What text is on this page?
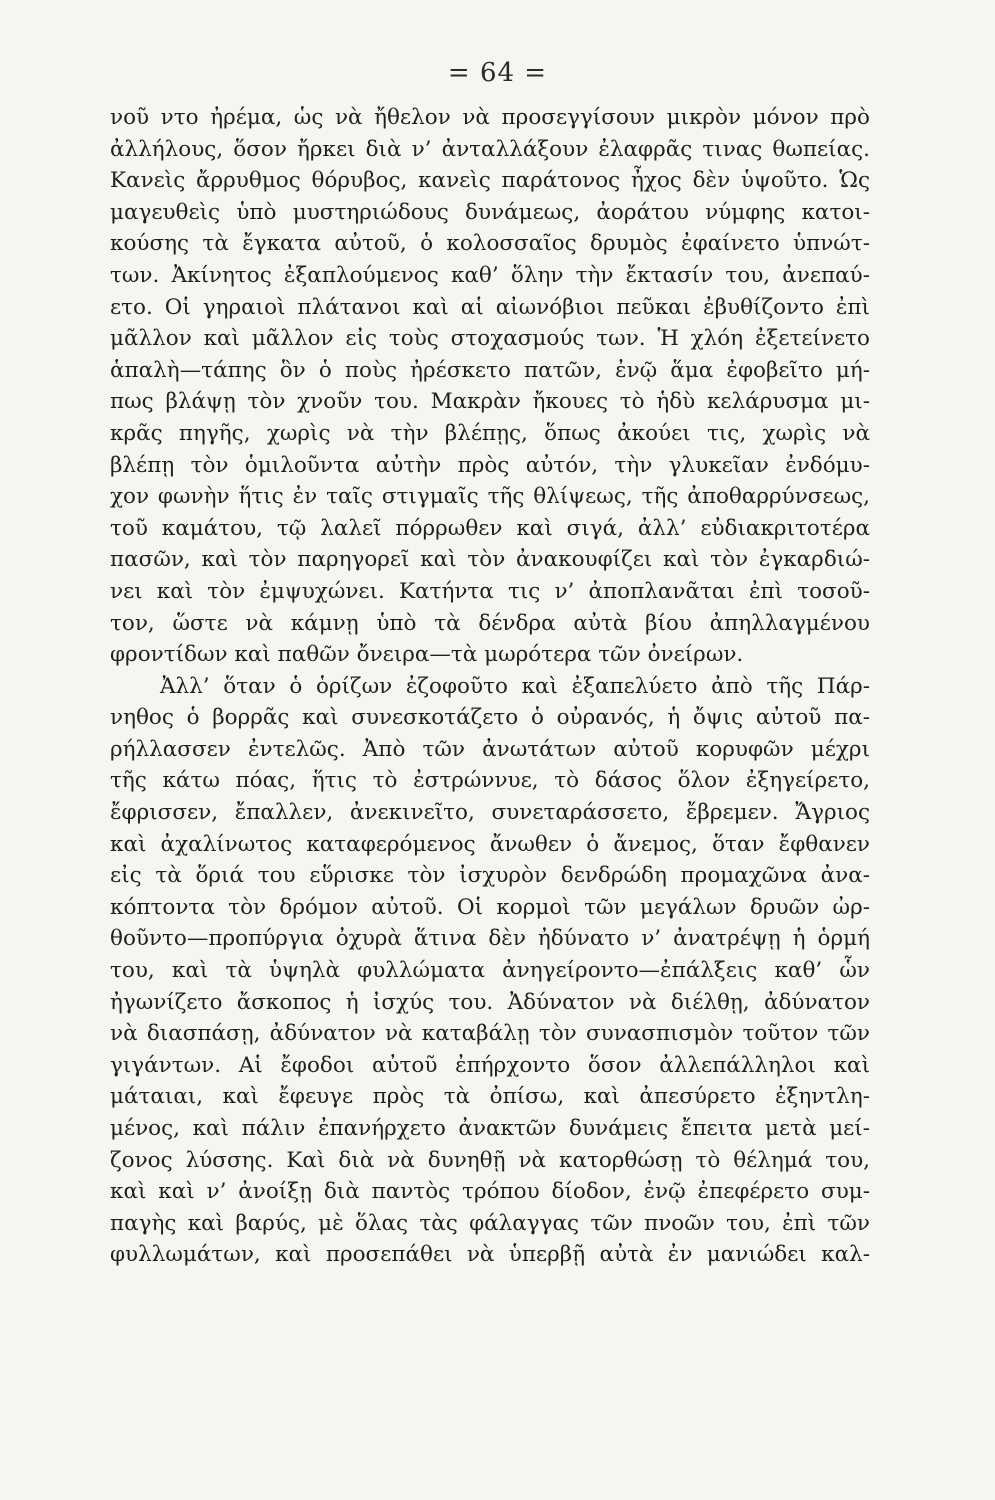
= 64 =
νοῦ ντο ἠρέμα, ὡς νὰ ἤθελον νὰ προσεγγίσουν μικρὸν μόνον πρὸ
ἀλλήλους, ὅσον ἤρκει διὰ ν’ ἀνταλλάξουν ἐλαφρᾶς τινας θωπείας.
Κανεὶς ἄρρυθμος θόρυβος, κανεὶς παράτονος ἦχος δὲν ὑψοῦτο. Ὡς
μαγευθεὶς ὑπὸ μυστηριώδους δυνάμεως, ἀοράτου νύμφης κατοι-
κούσης τὰ ἔγκατα αὐτοῦ, ὁ κολοσσαῖος δρυμὸς ἐφαίνετο ὑπνώτ-
των. Ἀκίνητος ἐξαπλούμενος καθ’ ὅλην τὴν ἔκτασίν του, ἀνεπαύ-
ετο. Οἱ γηραιοὶ πλάτανοι καὶ αἱ αἰωνόβιοι πεῦκαι ἐβυθίζοντο ἐπὶ
μᾶλλον καὶ μᾶλλον εἰς τοὺς στοχασμούς των. Ἡ χλόη ἐξετείνετο
ἁπαλὴ—τάπης ὃν ὁ ποὺς ἠρέσκετο πατῶν, ἐνῷ ἅμα ἐφοβεῖτο μή-
πως βλάψῃ τὸν χνοῦν του. Μακρὰν ἤκουες τὸ ἡδὺ κελάρυσμα μι-
κρᾶς πηγῆς, χωρὶς νὰ τὴν βλέπῃς, ὅπως ἀκούει τις, χωρὶς νὰ
βλέπῃ τὸν ὁμιλοῦντα αὐτὴν πρὸς αὐτόν, τὴν γλυκεῖαν ἐνδόμυ-
χον φωνὴν ἥτις ἐν ταῖς στιγμαῖς τῆς θλίψεως, τῆς ἀποθαρρύνσεως,
τοῦ καμάτου, τῷ λαλεῖ πόρρωθεν καὶ σιγά, ἀλλ’ εὐδιακριτοτέρα
πασῶν, καὶ τὸν παρηγορεῖ καὶ τὸν ἀνακουφίζει καὶ τὸν ἐγκαρδιώ-
νει καὶ τὸν ἐμψυχώνει. Κατήντα τις ν’ ἀποπλανᾶται ἐπὶ τοσοῦ-
τον, ὥστε νὰ κάμνῃ ὑπὸ τὰ δένδρα αὐτὰ βίου ἀπηλλαγμένου
φροντίδων καὶ παθῶν ὄνειρα—τὰ μωρότερα τῶν ὀνείρων.
Ἀλλ’ ὅταν ὁ ὁρίζων ἐζοφοῦτο καὶ ἐξαπελύετο ἀπὸ τῆς Πάρ-
νηθος ὁ βορρᾶς καὶ συνεσκοτάζετο ὁ οὐρανός, ἡ ὄψις αὐτοῦ πα-
ρήλλασσεν ἐντελῶς. Ἀπὸ τῶν ἀνωτάτων αὐτοῦ κορυφῶν μέχρι
τῆς κάτω πόας, ἥτις τὸ ἐστρώννυε, τὸ δάσος ὅλον ἐξηγείρετο,
ἔφρισσεν, ἔπαλλεν, ἀνεκινεῖτο, συνεταράσσετο, ἔβρεμεν. Ἄγριος
καὶ ἀχαλίνωτος καταφερόμενος ἄνωθεν ὁ ἄνεμος, ὅταν ἔφθανεν
εἰς τὰ ὅριά του εὕρισκε τὸν ἰσχυρὸν δενδρώδη προμαχῶνα ἀνα-
κόπτοντα τὸν δρόμον αὐτοῦ. Οἱ κορμοὶ τῶν μεγάλων δρυῶν ὠρ-
θοῦντο—προπύργια ὀχυρὰ ἅτινα δὲν ἠδύνατο ν’ ἀνατρέψῃ ἡ ὁρμή
του, καὶ τὰ ὑψηλὰ φυλλώματα ἀνηγείροντο—ἐπάλξεις καθ’ ὧν
ἠγωνίζετο ἄσκοπος ἡ ἰσχύς του. Ἀδύνατον νὰ διέλθῃ, ἀδύνατον
νὰ διασπάσῃ, ἀδύνατον νὰ καταβάλῃ τὸν συνασπισμὸν τοῦτον τῶν
γιγάντων. Αἱ ἔφοδοι αὐτοῦ ἐπήρχοντο ὅσον ἀλλεπάλληλοι καὶ
μάταιαι, καὶ ἔφευγε πρὸς τὰ ὀπίσω, καὶ ἀπεσύρετο ἐξηντλη-
μένος, καὶ πάλιν ἐπανήρχετο ἀνακτῶν δυνάμεις ἔπειτα μετὰ μεί-
ζονος λύσσης. Καὶ διὰ νὰ δυνηθῇ νὰ κατορθώσῃ τὸ θέλημά του,
καὶ καὶ ν’ ἀνοίξῃ διὰ παντὸς τρόπου δίοδον, ἐνῷ ἐπεφέρετο συμ-
παγὴς καὶ βαρύς, μὲ ὅλας τὰς φάλαγγας τῶν πνοῶν του, ἐπὶ τῶν
φυλλωμάτων, καὶ προσεπάθει νὰ ὑπερβῇ αὐτὰ ἐν μανιώδει καλ-
